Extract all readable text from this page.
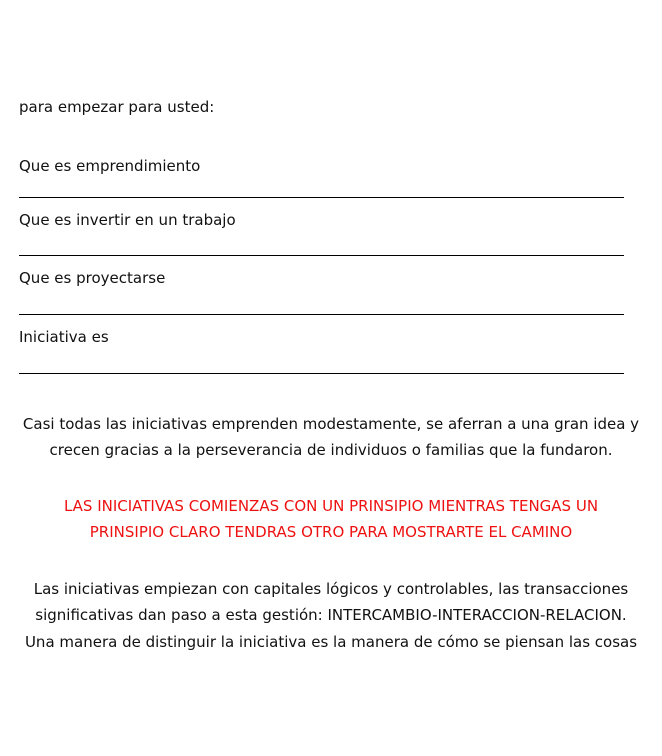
para empezar para usted:
Que es emprendimiento
Que es invertir en un trabajo
Que es proyectarse
Iniciativa es
Casi todas las iniciativas emprenden modestamente, se aferran a una gran idea y
crecen gracias a la perseverancia de individuos o familias que la fundaron.
LAS INICIATIVAS COMIENZAS CON UN PRINSIPIO MIENTRAS TENGAS UN
PRINSIPIO CLARO TENDRAS OTRO PARA MOSTRARTE EL CAMINO
Las iniciativas empiezan con capitales lógicos y controlables, las transacciones
significativas dan paso a esta gestión: INTERCAMBIO-INTERACCION-RELACION.
Una manera de distinguir la iniciativa es la manera de cómo se piensan las cosas
